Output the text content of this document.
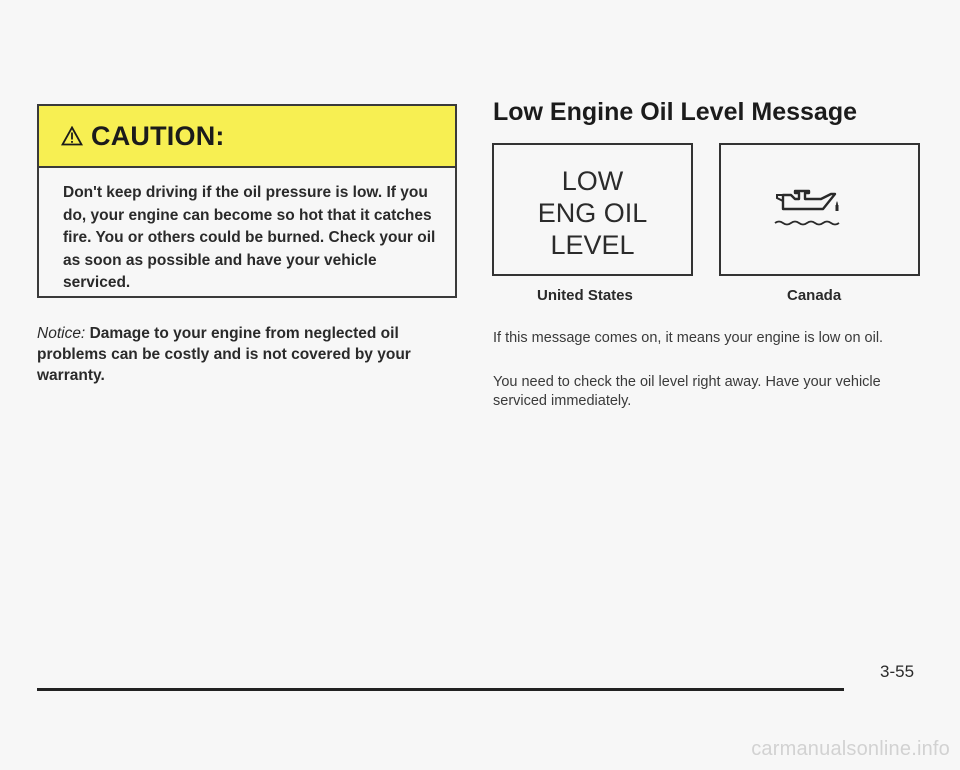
CAUTION:
Don't keep driving if the oil pressure is low. If you do, your engine can become so hot that it catches fire. You or others could be burned. Check your oil as soon as possible and have your vehicle serviced.
Notice: Damage to your engine from neglected oil problems can be costly and is not covered by your warranty.
Low Engine Oil Level Message
LOW
ENG OIL
LEVEL
United States	Canada
If this message comes on, it means your engine is low on oil.
You need to check the oil level right away. Have your vehicle serviced immediately.
3-55
carmanualsonline.info
